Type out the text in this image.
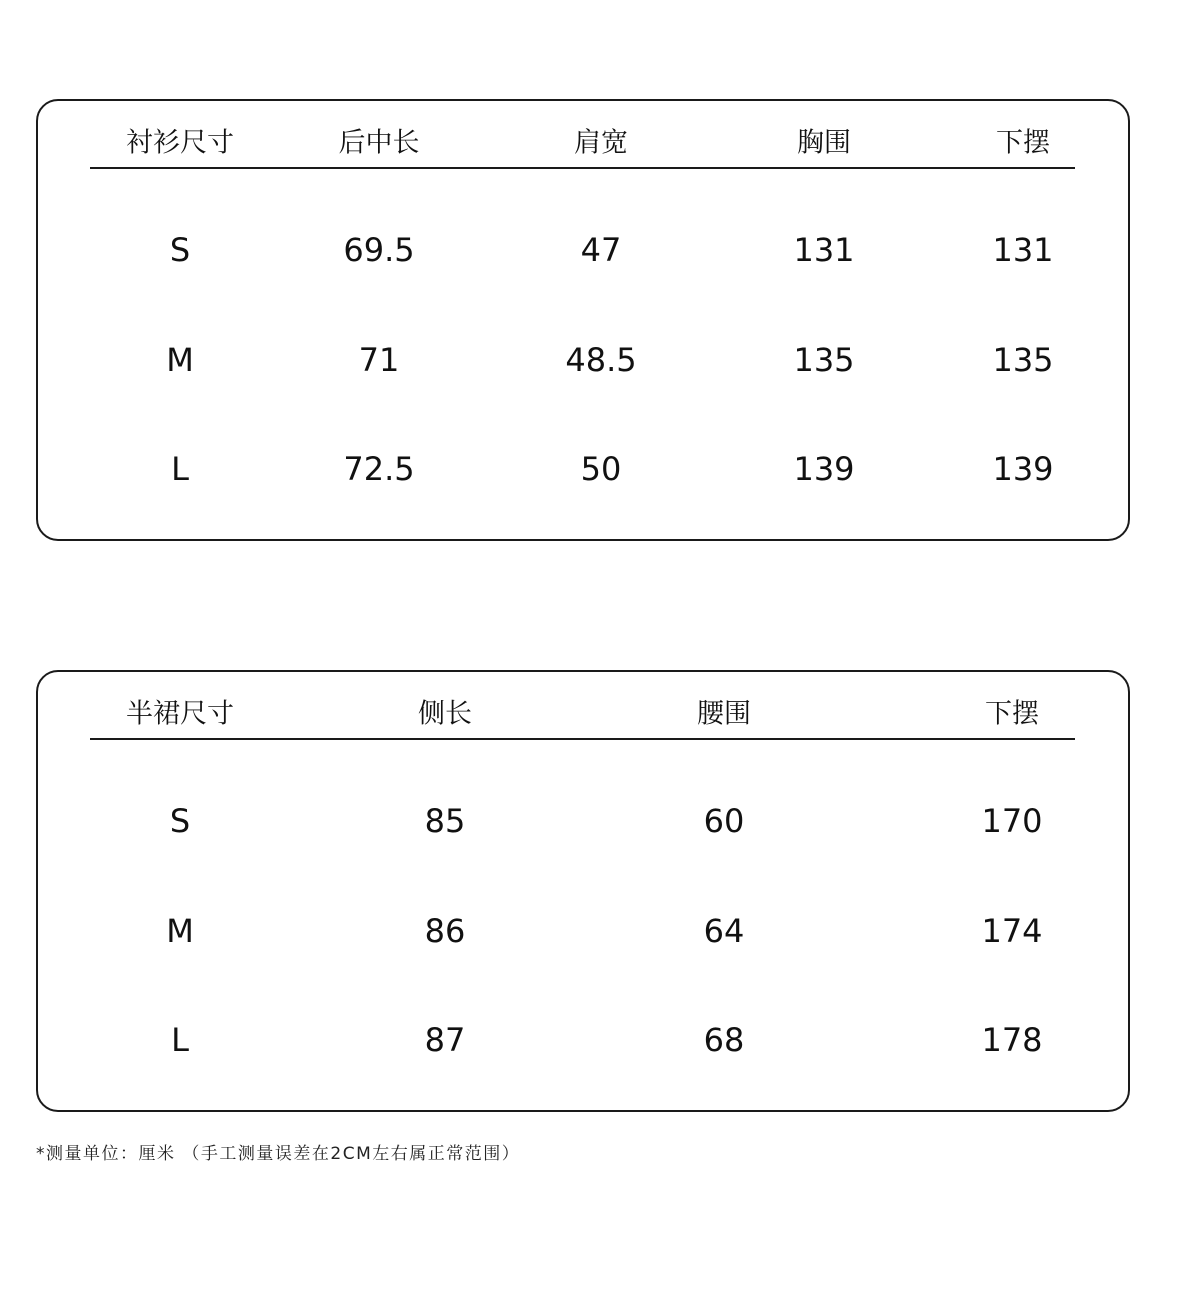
衬衫尺寸	后中长	肩宽	胸围	下摆
S	69.5	47	131	131
M	71	48.5	135	135
L	72.5	50	139	139
半裙尺寸	侧长	腰围	下摆
S	85	60	170
M	86	64	174
L	87	68	178
*测量单位：厘米 （手工测量误差在2CM左右属正常范围）
